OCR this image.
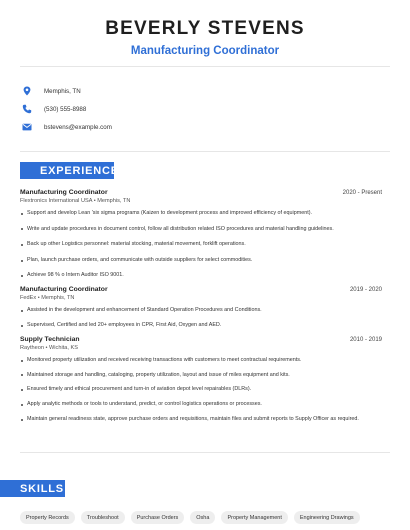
BEVERLY STEVENS
Manufacturing Coordinator
Memphis, TN
(530) 555-8988
bstevens@example.com
EXPERIENCE
Manufacturing Coordinator	2020 - Present
Flextronics International USA • Memphis, TN
Support and develop Lean 'six sigma programs (Kaizen to development process and improved efficiency of equipment).
Write and update procedures in document control, follow all distribution related ISO procedures and material handling guidelines.
Back up other Logistics personnel: material stocking, material movement, forklift operations.
Plan, launch purchase orders, and communicate with outside suppliers for select commodities.
Achieve 98 % o Intern Auditor ISO 9001.
Manufacturing Coordinator	2019 - 2020
FedEx • Memphis, TN
Assisted in the development and enhancement of Standard Operation Procedures and Conditions.
Supervised, Certified and led 20+ employees in CPR, First Aid, Oxygen and AED.
Supply Technician	2010 - 2019
Raytheon • Wichita, KS
Monitored property utilization and received receiving transactions with customers to meet contractual requirements.
Maintained storage and handling, cataloging, property utilization, layout and issue of miles equipment and kits.
Ensured timely and ethical procurement and turn-in of aviation depot level repairables (DLRs).
Apply analytic methods or tools to understand, predict, or control logistics operations or processes.
Maintain general readiness state, approve purchase orders and requisitions, maintain files and submit reports to Supply Officer as required.
SKILLS
Property Records	Troubleshoot	Purchase Orders	Osha	Property Management	Engineering Drawings
